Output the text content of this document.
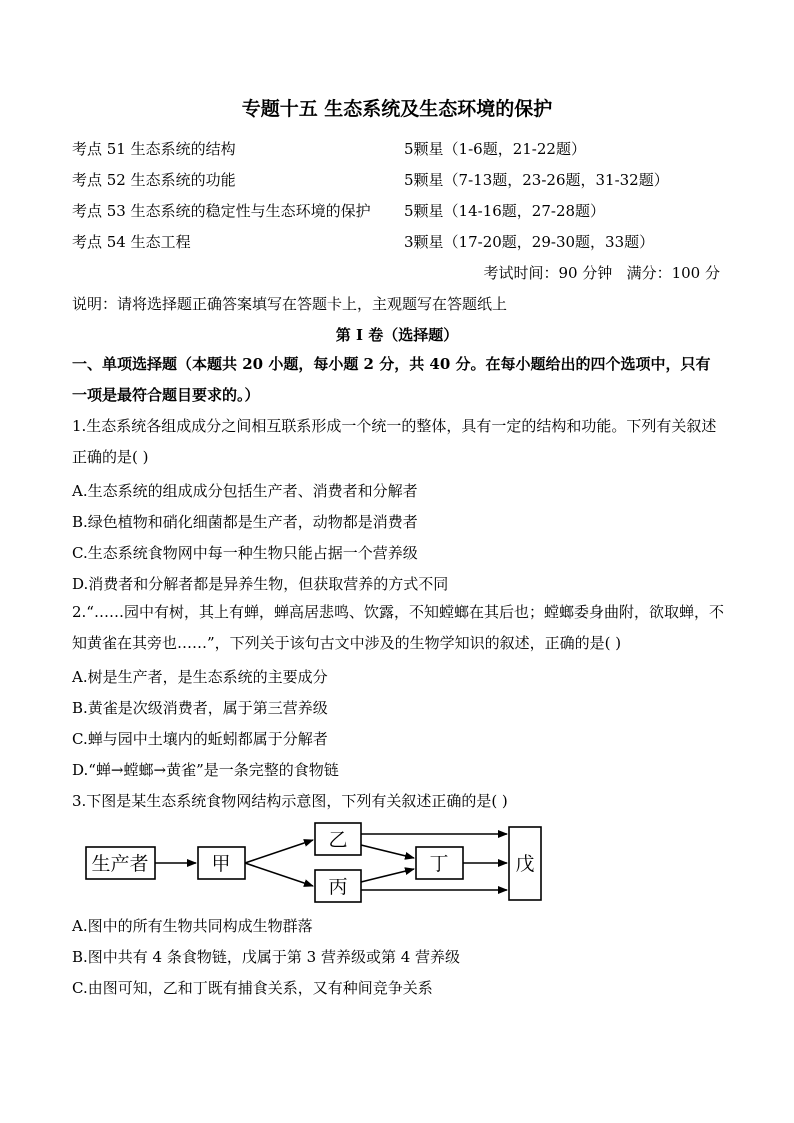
专题十五 生态系统及生态环境的保护
考点 51 生态系统的结构	5颗星（1-6题，21-22题）
考点 52 生态系统的功能	5颗星（7-13题，23-26题，31-32题）
考点 53 生态系统的稳定性与生态环境的保护 5颗星（14-16题，27-28题）
考点 54 生态工程	3颗星（17-20题，29-30题，33题）
考试时间：90 分钟   满分：100 分
说明：请将选择题正确答案填写在答题卡上，主观题写在答题纸上
第 I 卷（选择题）
一、单项选择题（本题共 20 小题，每小题 2 分，共 40 分。在每小题给出的四个选项中，只有一项是最符合题目要求的。）
1.生态系统各组成成分之间相互联系形成一个统一的整体，具有一定的结构和功能。下列有关叙述正确的是( )
A.生态系统的组成成分包括生产者、消费者和分解者
B.绿色植物和硝化细菌都是生产者，动物都是消费者
C.生态系统食物网中每一种生物只能占据一个营养级
D.消费者和分解者都是异养生物，但获取营养的方式不同
2.“……园中有树，其上有蝉，蝉高居悲鸣、饮露，不知螳螂在其后也；螳螂委身曲附，欲取蝉，不知黄雀在其旁也……”，下列关于该句古文中涉及的生物学知识的叙述，正确的是( )
A.树是生产者，是生态系统的主要成分
B.黄雀是次级消费者，属于第三营养级
C.蝉与园中土壤内的蚯蚓都属于分解者
D.“蝉→螳螂→黄雀”是一条完整的食物链
3.下图是某生态系统食物网结构示意图，下列有关叙述正确的是( )
生产者	甲
乙
丙
丁	戊
A.图中的所有生物共同构成生物群落
B.图中共有 4 条食物链，戊属于第 3 营养级或第 4 营养级
C.由图可知，乙和丁既有捕食关系，又有种间竞争关系
